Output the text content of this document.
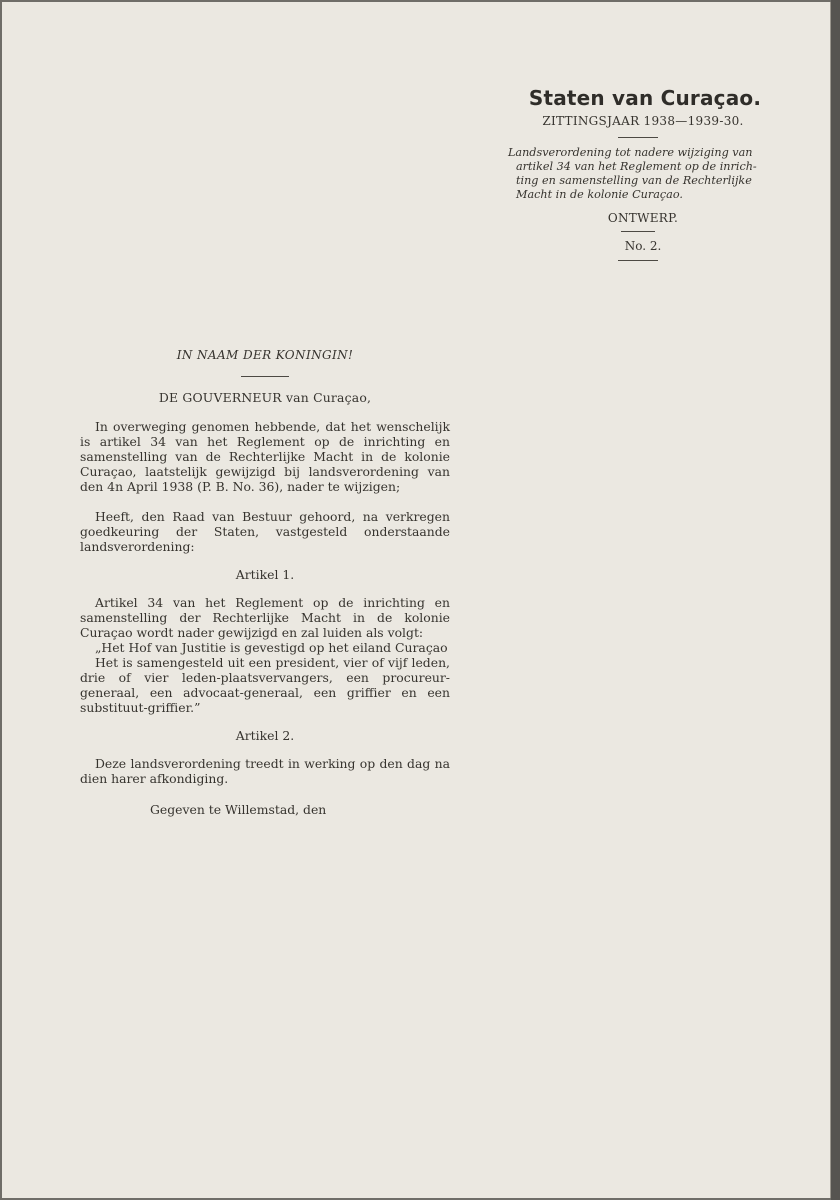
Staten van Curaçao.
ZITTINGSJAAR 1938—1939-30.
Landsverordening tot nadere wijziging van
artikel 34 van het Reglement op de inrich-
ting en samenstelling van de Rechterlijke
Macht in de kolonie Curaçao.
ONTWERP.
No. 2.
IN NAAM DER KONINGIN!
DE GOUVERNEUR van Curaçao,
In overweging genomen hebbende, dat het wenschelijk is artikel 34 van het Reglement op de inrichting en samenstelling van de Rechterlijke Macht in de kolonie Curaçao, laatstelijk gewijzigd bij landsverordening van den 4n April 1938 (P. B. No. 36), nader te wijzigen;
Heeft, den Raad van Bestuur gehoord, na verkregen goedkeuring der Staten, vastgesteld onderstaande landsverordening:
Artikel 1.
Artikel 34 van het Reglement op de inrichting en samenstelling der Rechterlijke Macht in de kolonie Curaçao wordt nader gewijzigd en zal luiden als volgt:
„Het Hof van Justitie is gevestigd op het eiland Curaçao
Het is samengesteld uit een president, vier of vijf leden, drie of vier leden-plaatsvervangers, een procureur-generaal, een advocaat-generaal, een griffier en een substituut-griffier.”
Artikel 2.
Deze landsverordening treedt in werking op den dag na dien harer afkondiging.
Gegeven te Willemstad, den
